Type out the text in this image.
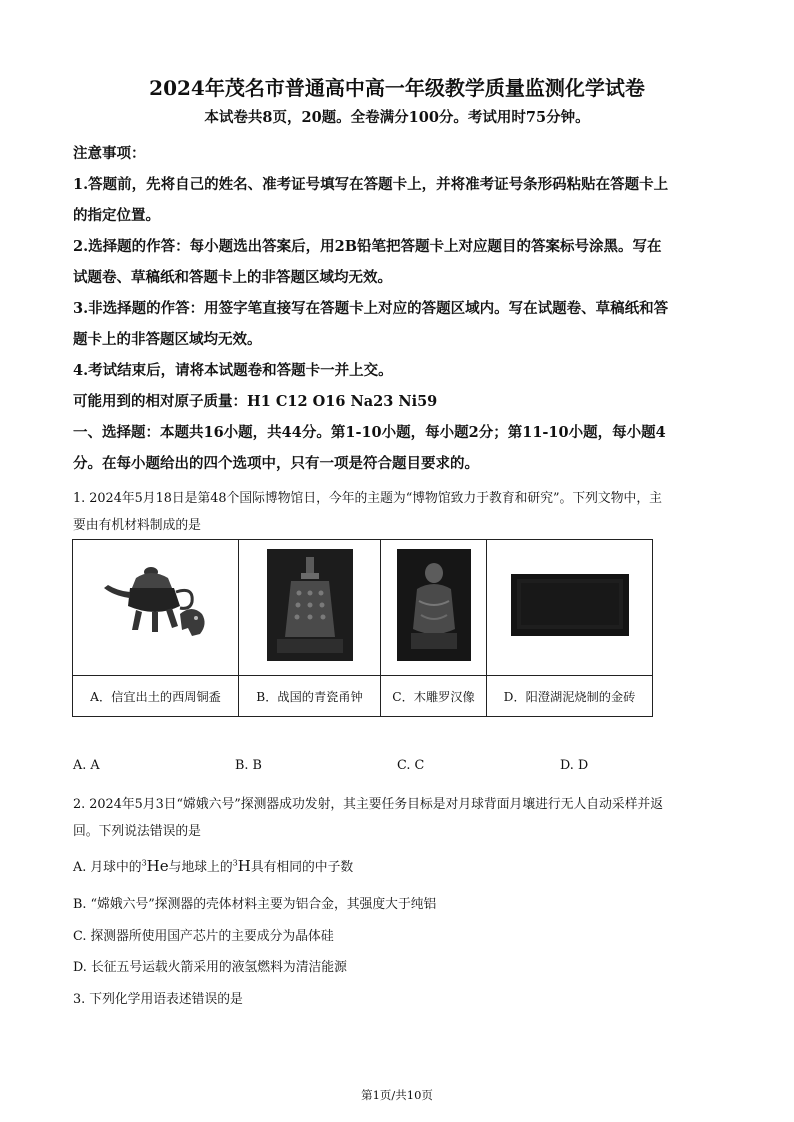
2024年茂名市普通高中高一年级教学质量监测化学试卷
本试卷共8页，20题。全卷满分100分。考试用时75分钟。
注意事项：
1.答题前，先将自己的姓名、准考证号填写在答题卡上，并将准考证号条形码粘贴在答题卡上
的指定位置。
2.选择题的作答：每小题选出答案后，用2B铅笔把答题卡上对应题目的答案标号涂黑。写在
试题卷、草稿纸和答题卡上的非答题区域均无效。
3.非选择题的作答：用签字笔直接写在答题卡上对应的答题区域内。写在试题卷、草稿纸和答
题卡上的非答题区域均无效。
4.考试结束后，请将本试题卷和答题卡一并上交。
可能用到的相对原子质量：H1 C12 O16 Na23 Ni59
一、选择题：本题共16小题，共44分。第1-10小题，每小题2分；第11-10小题，每小题4
分。在每小题给出的四个选项中，只有一项是符合题目要求的。
1. 2024年5月18日是第48个国际博物馆日，今年的主题为“博物馆致力于教育和研究”。下列文物中，主
要由有机材料制成的是

A．信宜出土的西周铜盉	B．战国的青瓷甬钟	C．木雕罗汉像	D．阳澄湖泥烧制的金砖
A. A	B. B	C. C	D. D
2. 2024年5月3日“嫦娥六号”探测器成功发射，其主要任务目标是对月球背面月壤进行无人自动采样并返
回。下列说法错误的是
A. 月球中的$^3$He与地球上的$^3$H具有相同的中子数
B. “嫦娥六号”探测器的壳体材料主要为铝合金，其强度大于纯铝
C. 探测器所使用国产芯片的主要成分为晶体硅
D. 长征五号运载火箭采用的液氢燃料为清洁能源
3. 下列化学用语表述错误的是
第1页/共10页
